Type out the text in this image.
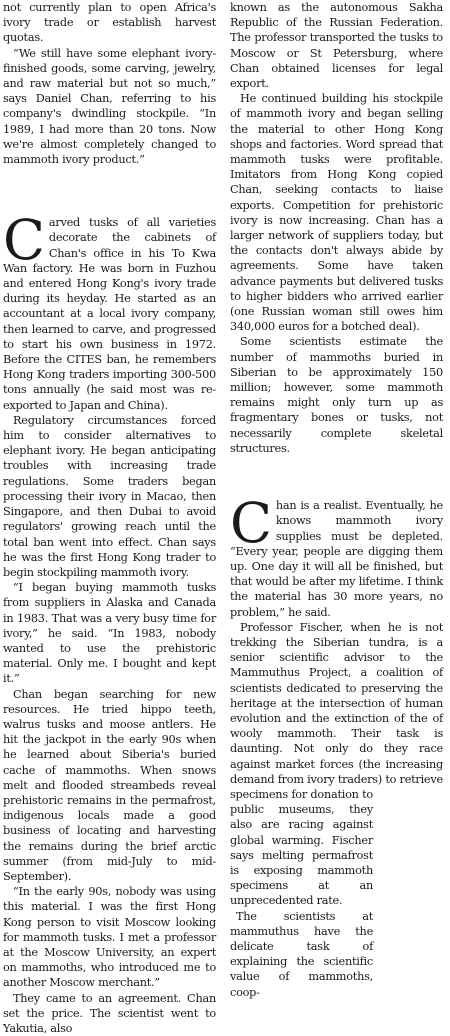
not currently plan to open Africa's ivory trade or establish harvest quotas.

“We still have some elephant ivory-finished goods, some carving, jewelry, and raw material but not so much,” says Daniel Chan, referring to his company's dwindling stockpile. “In 1989, I had more than 20 tons. Now we're almost completely changed to mammoth ivory product.”

Carved tusks of all varieties decorate the cabinets of Chan's office in his To Kwa Wan factory. He was born in Fuzhou and entered Hong Kong's ivory trade during its heyday. He started as an accountant at a local ivory company, then learned to carve, and progressed to start his own business in 1972. Before the CITES ban, he remembers Hong Kong traders importing 300-500 tons annually (he said most was re-exported to Japan and China).

Regulatory circumstances forced him to consider alternatives to elephant ivory. He began anticipating troubles with increasing trade regulations. Some traders began processing their ivory in Macao, then Singapore, and then Dubai to avoid regulators' growing reach until the total ban went into effect. Chan says he was the first Hong Kong trader to begin stockpiling mammoth ivory.

“I began buying mammoth tusks from suppliers in Alaska and Canada in 1983. That was a very busy time for ivory,” he said. “In 1983, nobody wanted to use the prehistoric material. Only me. I bought and kept it.”

Chan began searching for new resources. He tried hippo teeth, walrus tusks and moose antlers. He hit the jackpot in the early 90s when he learned about Siberia's buried cache of mammoths. When snows melt and flooded streambeds reveal prehistoric remains in the permafrost, indigenous locals made a good business of locating and harvesting the remains during the brief arctic summer (from mid-July to mid-September).

“In the early 90s, nobody was using this material. I was the first Hong Kong person to visit Moscow looking for mammoth tusks. I met a professor at the Moscow University, an expert on mammoths, who introduced me to another Moscow merchant.”

They came to an agreement. Chan set the price. The scientist went to Yakutia, also

known as the autonomous Sakha Republic of the Russian Federation. The professor transported the tusks to Moscow or St Petersburg, where Chan obtained licenses for legal export.

He continued building his stockpile of mammoth ivory and began selling the material to other Hong Kong shops and factories. Word spread that mammoth tusks were profitable. Imitators from Hong Kong copied Chan, seeking contacts to liaise exports. Competition for prehistoric ivory is now increasing. Chan has a larger network of suppliers today, but the contacts don't always abide by agreements. Some have taken advance payments but delivered tusks to higher bidders who arrived earlier (one Russian woman still owes him 340,000 euros for a botched deal).

Some scientists estimate the number of mammoths buried in Siberian to be approximately 150 million; however, some mammoth remains might only turn up as fragmentary bones or tusks, not necessarily complete skeletal structures.

Chan is a realist. Eventually, he knows mammoth ivory supplies must be depleted. “Every year, people are digging them up. One day it will all be finished, but that would be after my lifetime. I think the material has 30 more years, no problem,” he said.

Professor Fischer, when he is not trekking the Siberian tundra, is a senior scientific advisor to the Mammuthus Project, a coalition of scientists dedicated to preserving the heritage at the intersection of human evolution and the extinction of the of wooly mammoth. Their task is daunting. Not only do they race against market forces (the increasing demand from ivory traders) to retrieve

specimens for donation to public museums, they also are racing against global warming. Fischer says melting permafrost is exposing mammoth specimens at an unprecedented rate.

The scientists at mammuthus have the delicate task of explaining the scientific value of mammoths, coop-
